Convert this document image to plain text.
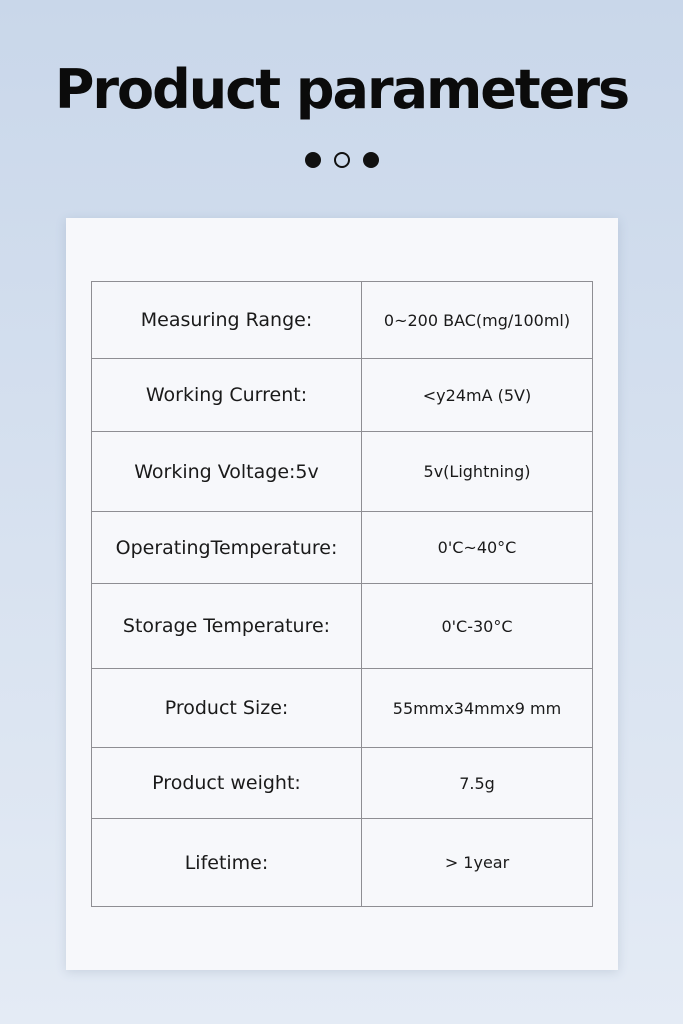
Product parameters
Measuring Range:	0~200 BAC(mg/100ml)
Working Current:	<y24mA (5V)
Working Voltage:5v	5v(Lightning)
OperatingTemperature:	0'C~40°C
Storage Temperature:	0'C-30°C
Product Size:	55mmx34mmx9 mm
Product weight:	7.5g
Lifetime:	> 1year
